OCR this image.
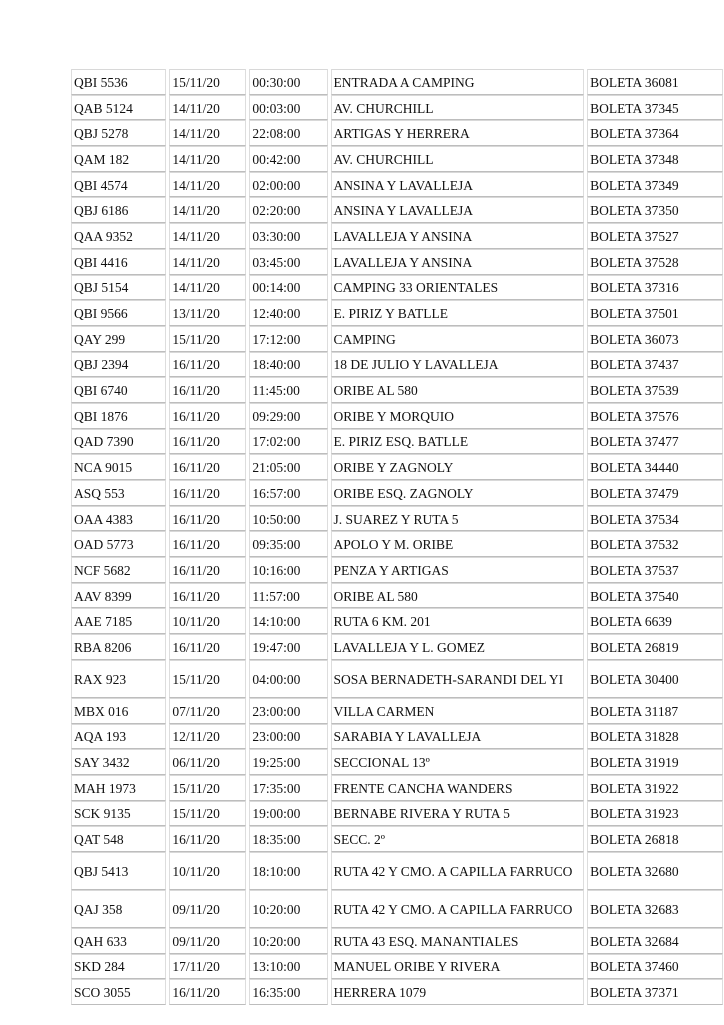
QBI 5536	15/11/20	00:30:00	ENTRADA A CAMPING	BOLETA 36081
QAB 5124	14/11/20	00:03:00	AV. CHURCHILL	BOLETA 37345
QBJ 5278	14/11/20	22:08:00	ARTIGAS Y HERRERA	BOLETA 37364
QAM 182	14/11/20	00:42:00	AV. CHURCHILL	BOLETA 37348
QBI 4574	14/11/20	02:00:00	ANSINA Y LAVALLEJA	BOLETA 37349
QBJ 6186	14/11/20	02:20:00	ANSINA Y LAVALLEJA	BOLETA 37350
QAA 9352	14/11/20	03:30:00	LAVALLEJA Y ANSINA	BOLETA 37527
QBI 4416	14/11/20	03:45:00	LAVALLEJA Y ANSINA	BOLETA 37528
QBJ 5154	14/11/20	00:14:00	CAMPING 33 ORIENTALES	BOLETA 37316
QBI 9566	13/11/20	12:40:00	E. PIRIZ Y BATLLE	BOLETA 37501
QAY 299	15/11/20	17:12:00	CAMPING	BOLETA 36073
QBJ 2394	16/11/20	18:40:00	18 DE JULIO Y LAVALLEJA	BOLETA 37437
QBI 6740	16/11/20	11:45:00	ORIBE AL 580	BOLETA 37539
QBI 1876	16/11/20	09:29:00	ORIBE Y MORQUIO	BOLETA 37576
QAD 7390	16/11/20	17:02:00	E. PIRIZ ESQ. BATLLE	BOLETA 37477
NCA 9015	16/11/20	21:05:00	ORIBE Y ZAGNOLY	BOLETA 34440
ASQ 553	16/11/20	16:57:00	ORIBE ESQ. ZAGNOLY	BOLETA 37479
OAA 4383	16/11/20	10:50:00	J. SUAREZ Y RUTA 5	BOLETA 37534
OAD 5773	16/11/20	09:35:00	APOLO Y M. ORIBE	BOLETA 37532
NCF 5682	16/11/20	10:16:00	PENZA Y ARTIGAS	BOLETA 37537
AAV 8399	16/11/20	11:57:00	ORIBE AL 580	BOLETA 37540
AAE 7185	10/11/20	14:10:00	RUTA 6 KM. 201	BOLETA 6639
RBA 8206	16/11/20	19:47:00	LAVALLEJA Y L. GOMEZ	BOLETA 26819
RAX 923	15/11/20	04:00:00	SOSA BERNADETH-SARANDI DEL YI	BOLETA 30400
MBX 016	07/11/20	23:00:00	VILLA CARMEN	BOLETA 31187
AQA 193	12/11/20	23:00:00	SARABIA Y LAVALLEJA	BOLETA 31828
SAY 3432	06/11/20	19:25:00	SECCIONAL 13º	BOLETA 31919
MAH 1973	15/11/20	17:35:00	FRENTE CANCHA WANDERS	BOLETA 31922
SCK 9135	15/11/20	19:00:00	BERNABE RIVERA Y RUTA 5	BOLETA 31923
QAT 548	16/11/20	18:35:00	SECC. 2º	BOLETA 26818
QBJ 5413	10/11/20	18:10:00	RUTA 42 Y CMO. A CAPILLA FARRUCO	BOLETA 32680
QAJ 358	09/11/20	10:20:00	RUTA 42 Y CMO. A CAPILLA FARRUCO	BOLETA 32683
QAH 633	09/11/20	10:20:00	RUTA 43 ESQ. MANANTIALES	BOLETA 32684
SKD 284	17/11/20	13:10:00	MANUEL ORIBE Y RIVERA	BOLETA 37460
SCO 3055	16/11/20	16:35:00	HERRERA 1079	BOLETA 37371
